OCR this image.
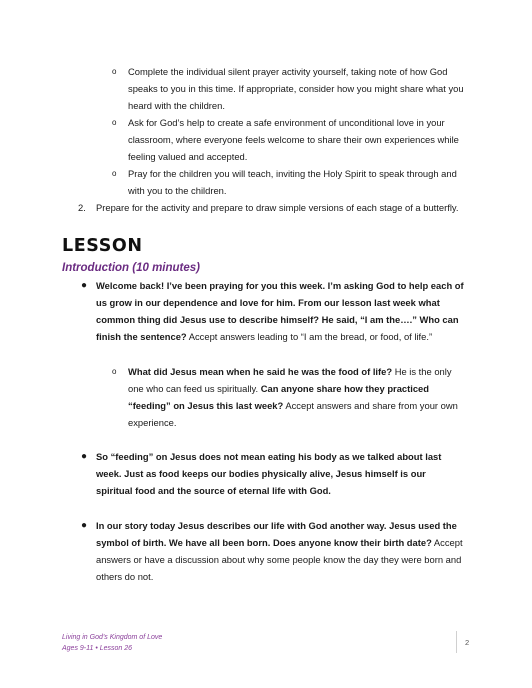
o Complete the individual silent prayer activity yourself, taking note of how God
speaks to you in this time. If appropriate, consider how you might share what you
heard with the children.
o Ask for God’s help to create a safe environment of unconditional love in your
classroom, where everyone feels welcome to share their own experiences while
feeling valued and accepted.
o Pray for the children you will teach, inviting the Holy Spirit to speak through and
with you to the children.
2. Prepare for the activity and prepare to draw simple versions of each stage of a butterfly.
LESSON
Introduction (10 minutes)
● Welcome back! I’ve been praying for you this week. I’m asking God to help each of
us grow in our dependence and love for him. From our lesson last week what
common thing did Jesus use to describe himself? He said, “I am the….” Who can
finish the sentence? Accept answers leading to “I am the bread, or food, of life.”
o What did Jesus mean when he said he was the food of life? He is the only
one who can feed us spiritually. Can anyone share how they practiced
“feeding” on Jesus this last week? Accept answers and share from your own
experience.
● So “feeding” on Jesus does not mean eating his body as we talked about last
week. Just as food keeps our bodies physically alive, Jesus himself is our
spiritual food and the source of eternal life with God.
● In our story today Jesus describes our life with God another way. Jesus used the
symbol of birth. We have all been born. Does anyone know their birth date? Accept
answers or have a discussion about why some people know the day they were born and
others do not.
Living in God’s Kingdom of Love
Ages 9-11 • Lesson 26
2
